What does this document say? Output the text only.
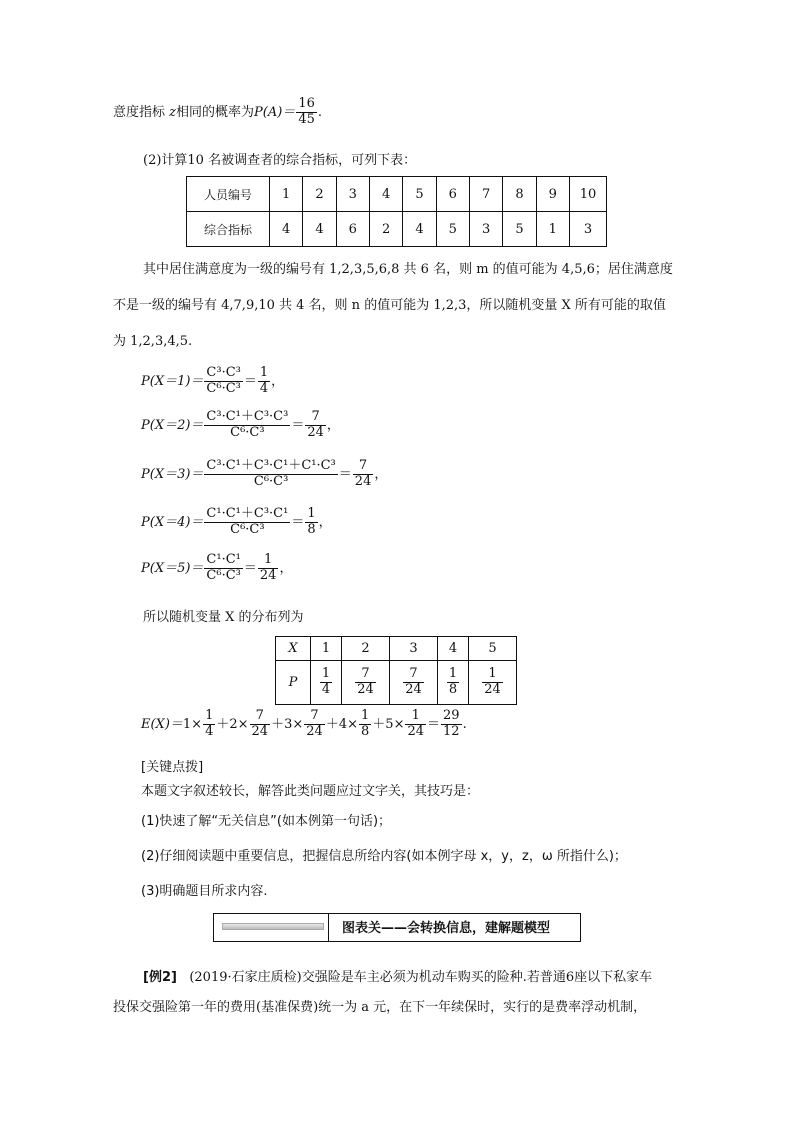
意度指标 z相同的概率为$P(A)= \frac{16}{45}$ .
(2)计算10 名被调查者的综合指标，可列下表：
人员编号	1	2	3	4	5	6	7	8	9	10
综合指标	4	4	6	2	4	5	3	5	1	3
其中居住满意度为一级的编号有 1,2,3,5,6,8 共 6 名，则 m 的值可能为 4,5,6；居住满意度
不是一级的编号有 4,7,9,10 共 4 名，则 n 的值可能为 1,2,3，所以随机变量 X 所有可能的取值
为 1,2,3,4,5.
$P(X=1)= \frac{\text{C³·C³}}{\text{C⁶·C³}} = \frac{1}{4}$ ，
$P(X=2)= \frac{\text{C³·C¹＋C³·C³}}{\text{C⁶·C³}} = \frac{7}{24}$ ，
$P(X=3)= \frac{\text{C³·C¹＋C³·C¹＋C¹·C³}}{\text{C⁶·C³}} = \frac{7}{24}$ ，
$P(X=4)= \frac{\text{C¹·C¹＋C³·C¹}}{\text{C⁶·C³}} = \frac{1}{8}$ ，
$P(X=5)= \frac{\text{C¹·C¹}}{\text{C⁶·C³}} = \frac{1}{24}$ ，
所以随机变量 X 的分布列为
X	1	2	3	4	5
P	$\frac{1}{4}$	$\frac{7}{24}$	$\frac{7}{24}$	$\frac{1}{8}$	$\frac{1}{24}$
$E(X)=1\times \frac{1}{4} +2\times \frac{7}{24} +3\times \frac{7}{24} +4\times \frac{1}{8} +5\times \frac{1}{24} = \frac{29}{12}$ .
[关键点拨]
本题文字叙述较长，解答此类问题应过文字关，其技巧是：
(1)快速了解“无关信息”(如本例第一句话)；
(2)仔细阅读题中重要信息，把握信息所给内容(如本例字母 x，y，z，ω 所指什么)；
(3)明确题目所求内容.
图表关——会转换信息，建解题模型
[例2] (2019·石家庄质检)交强险是车主必须为机动车购买的险种.若普通6座以下私家车
投保交强险第一年的费用(基准保费)统一为 a 元，在下一年续保时，实行的是费率浮动机制，
